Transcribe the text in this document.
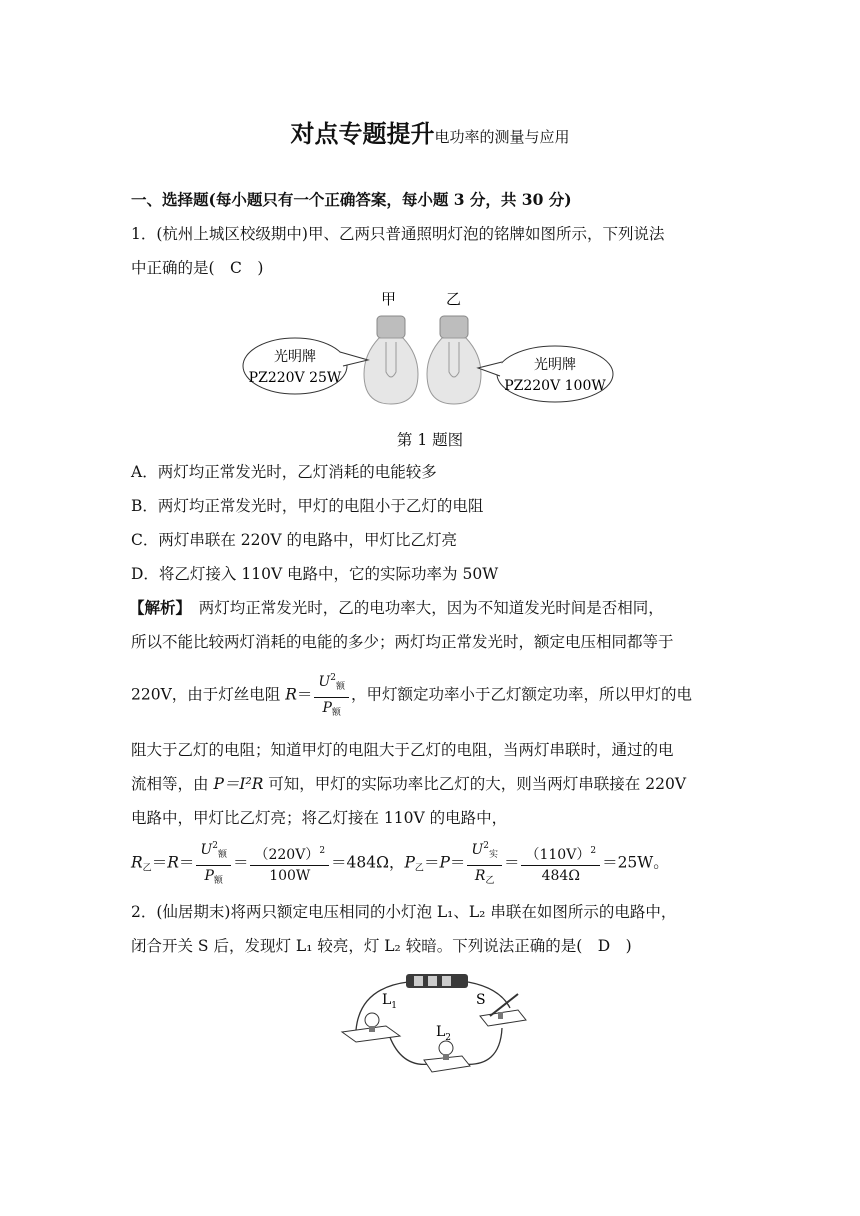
对点专题提升电功率的测量与应用
一、选择题(每小题只有一个正确答案，每小题 3 分，共 30 分)
1．(杭州上城区校级期中)甲、乙两只普通照明灯泡的铭牌如图所示，下列说法
中正确的是(　C　)
甲	乙
光明牌
PZ220V 25W
光明牌
PZ220V 100W
第 1 题图
A．两灯均正常发光时，乙灯消耗的电能较多
B．两灯均正常发光时，甲灯的电阻小于乙灯的电阻
C．两灯串联在 220V 的电路中，甲灯比乙灯亮
D．将乙灯接入 110V 电路中，它的实际功率为 50W
【解析】　两灯均正常发光时，乙的电功率大，因为不知道发光时间是否相同，
所以不能比较两灯消耗的电能的多少；两灯均正常发光时，额定电压相同都等于
220V，由于灯丝电阻 $R= \frac{U^2_额}{P_额}$ ，甲灯额定功率小于乙灯额定功率，所以甲灯的电
阻大于乙灯的电阻；知道甲灯的电阻大于乙灯的电阻，当两灯串联时，通过的电
流相等，由 P＝I²R 可知，甲灯的实际功率比乙灯的大，则当两灯串联接在 220V
电路中，甲灯比乙灯亮；将乙灯接在 110V 的电路中，
$R_乙=R= \frac{U^2_额}{P_额} = \frac{(220V)^2}{100W} =484\Omega$，$P_乙=P= \frac{U^2_实}{R_乙} = \frac{(110V)^2}{484\Omega} =25W$。
2．(仙居期末)将两只额定电压相同的小灯泡 L₁、L₂ 串联在如图所示的电路中，
闭合开关 S 后，发现灯 L₁ 较亮，灯 L₂ 较暗。下列说法正确的是(　D　)
$L_1$
$L_2$
S
